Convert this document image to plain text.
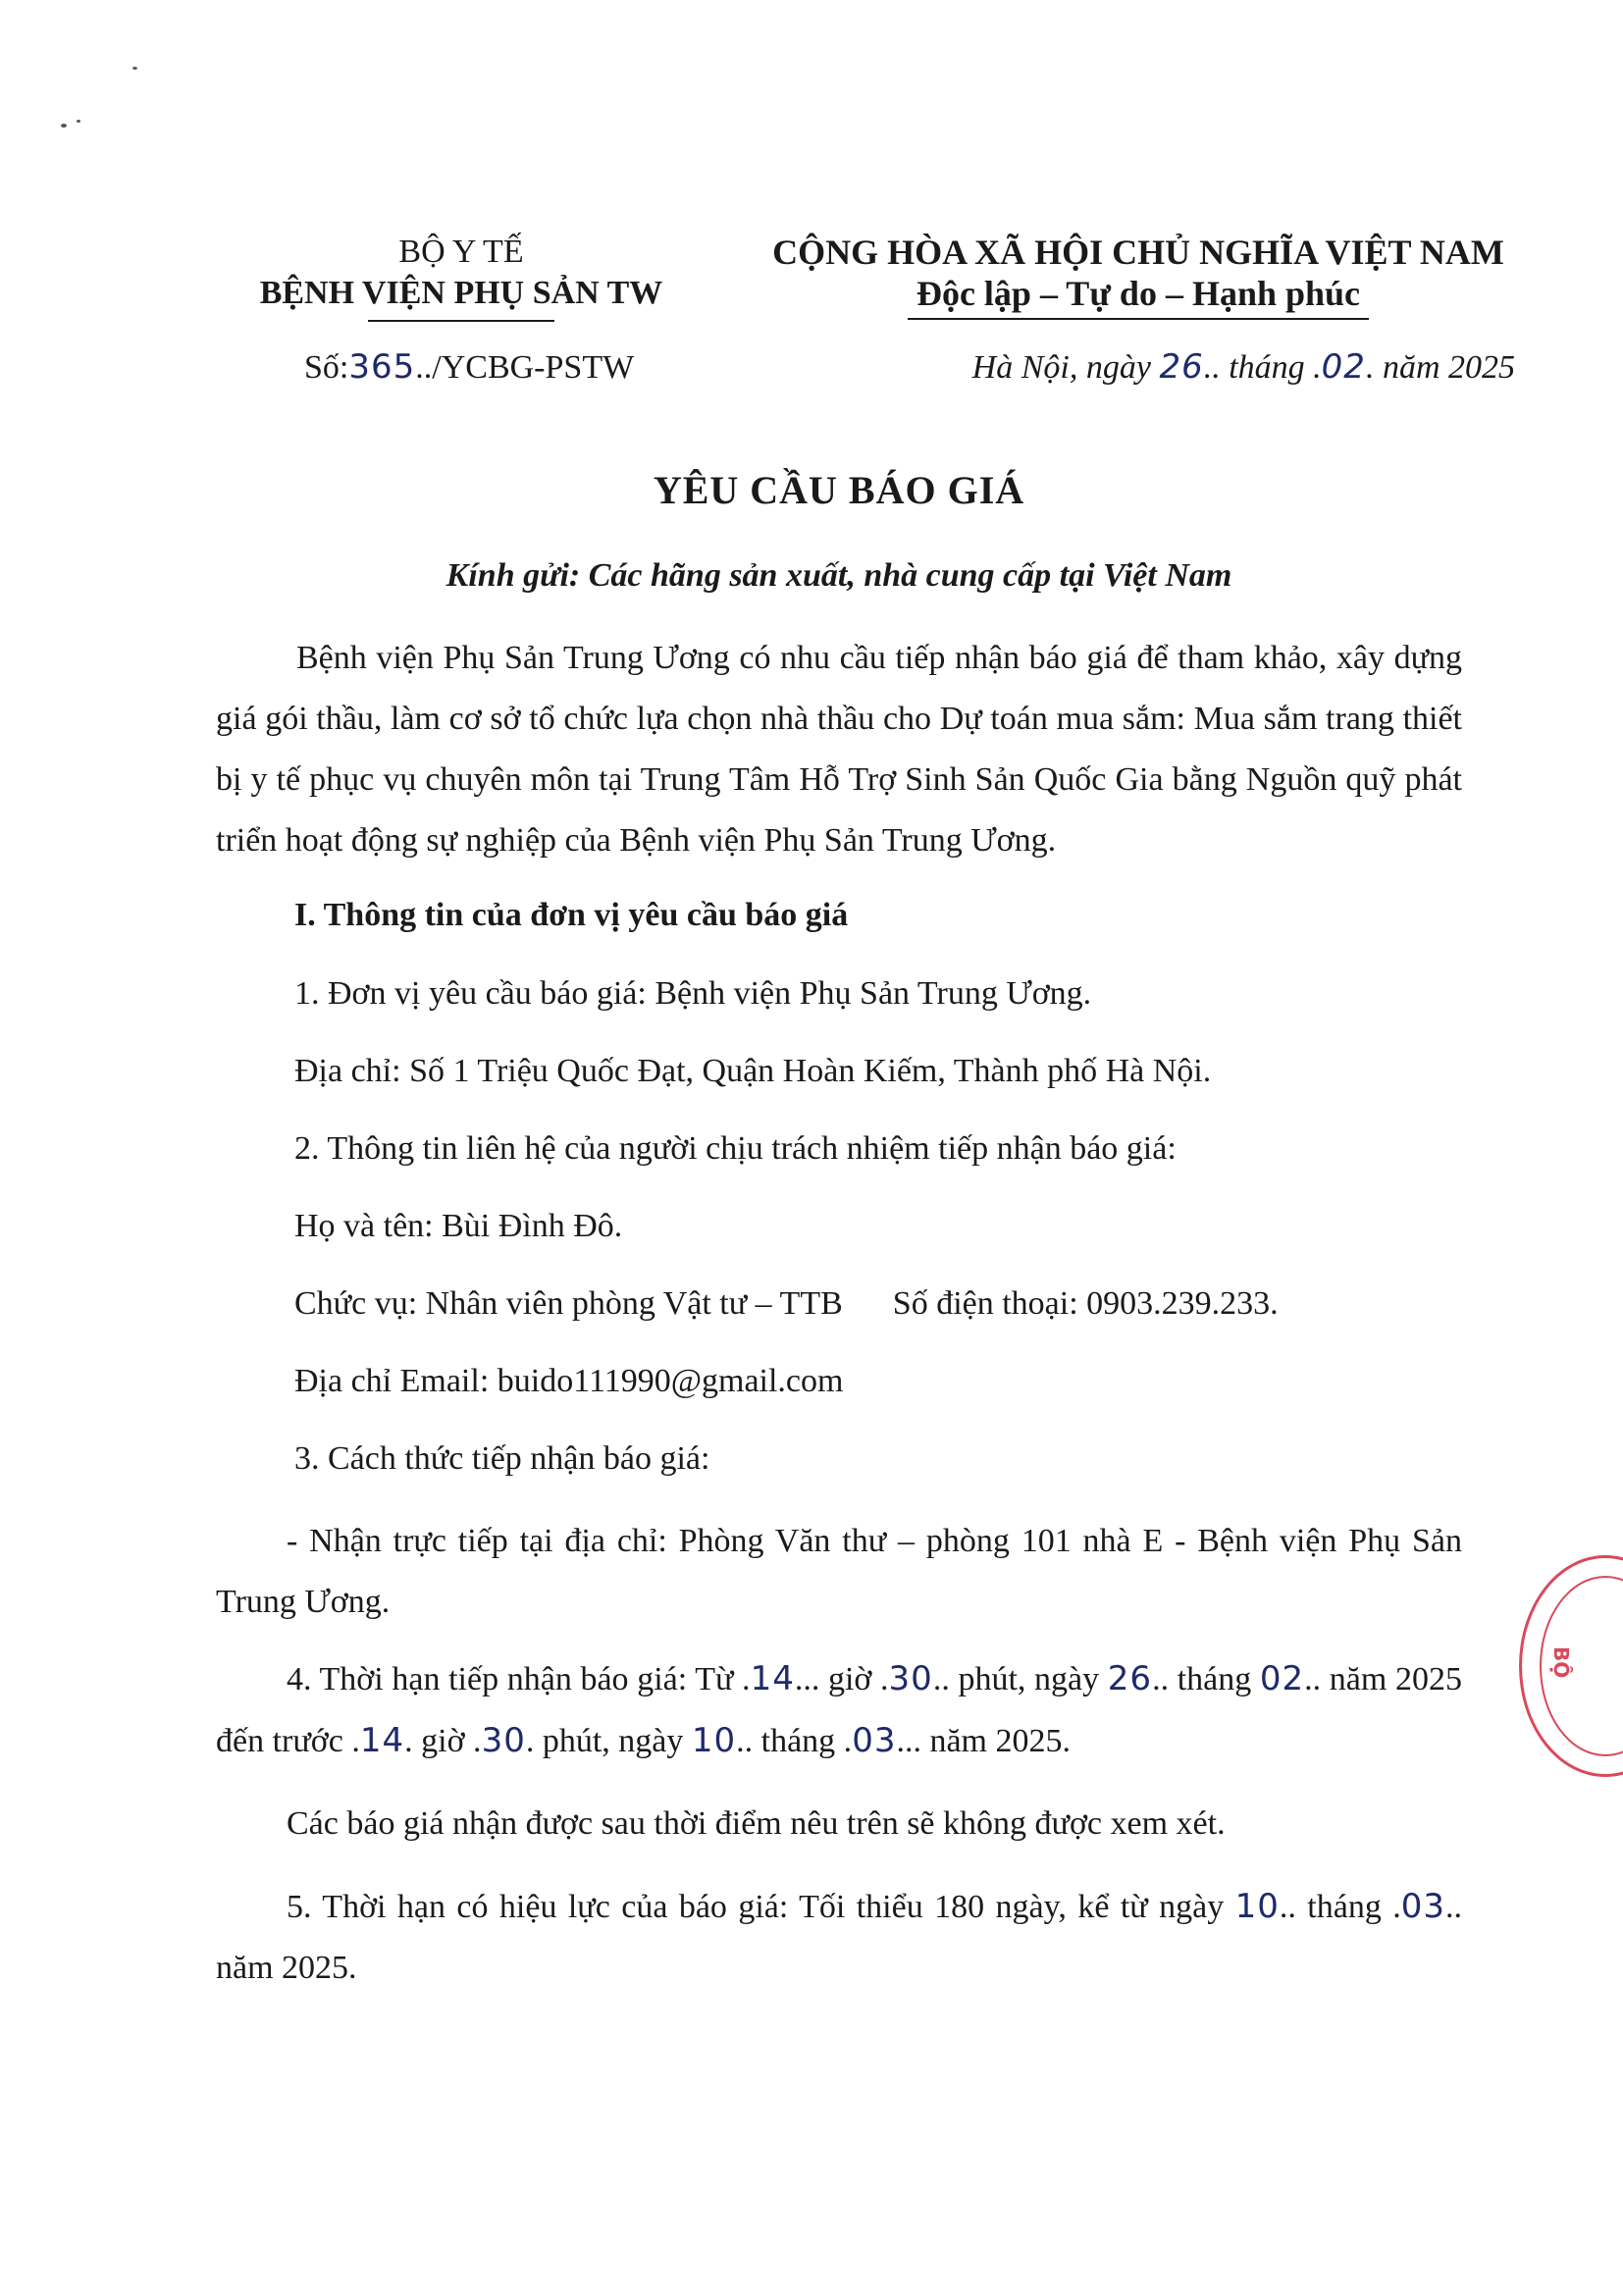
BỘ Y TẾ
BỆNH VIỆN PHỤ SẢN TW
CỘNG HÒA XÃ HỘI CHỦ NGHĨA VIỆT NAM
Độc lập – Tự do – Hạnh phúc
Số:365../YCBG-PSTW	Hà Nội, ngày 26.. tháng .02. năm 2025
YÊU CẦU BÁO GIÁ
Kính gửi: Các hãng sản xuất, nhà cung cấp tại Việt Nam
Bệnh viện Phụ Sản Trung Ương có nhu cầu tiếp nhận báo giá để tham khảo, xây dựng giá gói thầu, làm cơ sở tổ chức lựa chọn nhà thầu cho Dự toán mua sắm: Mua sắm trang thiết bị y tế phục vụ chuyên môn tại Trung Tâm Hỗ Trợ Sinh Sản Quốc Gia bằng Nguồn quỹ phát triển hoạt động sự nghiệp của Bệnh viện Phụ Sản Trung Ương.
I. Thông tin của đơn vị yêu cầu báo giá
1. Đơn vị yêu cầu báo giá: Bệnh viện Phụ Sản Trung Ương.
Địa chỉ: Số 1 Triệu Quốc Đạt, Quận Hoàn Kiếm, Thành phố Hà Nội.
2. Thông tin liên hệ của người chịu trách nhiệm tiếp nhận báo giá:
Họ và tên: Bùi Đình Đô.
Chức vụ: Nhân viên phòng Vật tư – TTB Số điện thoại: 0903.239.233.
Địa chỉ Email: buido111990@gmail.com
3. Cách thức tiếp nhận báo giá:
- Nhận trực tiếp tại địa chỉ: Phòng Văn thư – phòng 101 nhà E - Bệnh viện Phụ Sản Trung Ương.
4. Thời hạn tiếp nhận báo giá: Từ .14... giờ .30.. phút, ngày 26.. tháng 02.. năm 2025 đến trước .14. giờ .30. phút, ngày 10.. tháng .03... năm 2025.
Các báo giá nhận được sau thời điểm nêu trên sẽ không được xem xét.
5. Thời hạn có hiệu lực của báo giá: Tối thiểu 180 ngày, kể từ ngày 10.. tháng .03.. năm 2025.
BỘ
